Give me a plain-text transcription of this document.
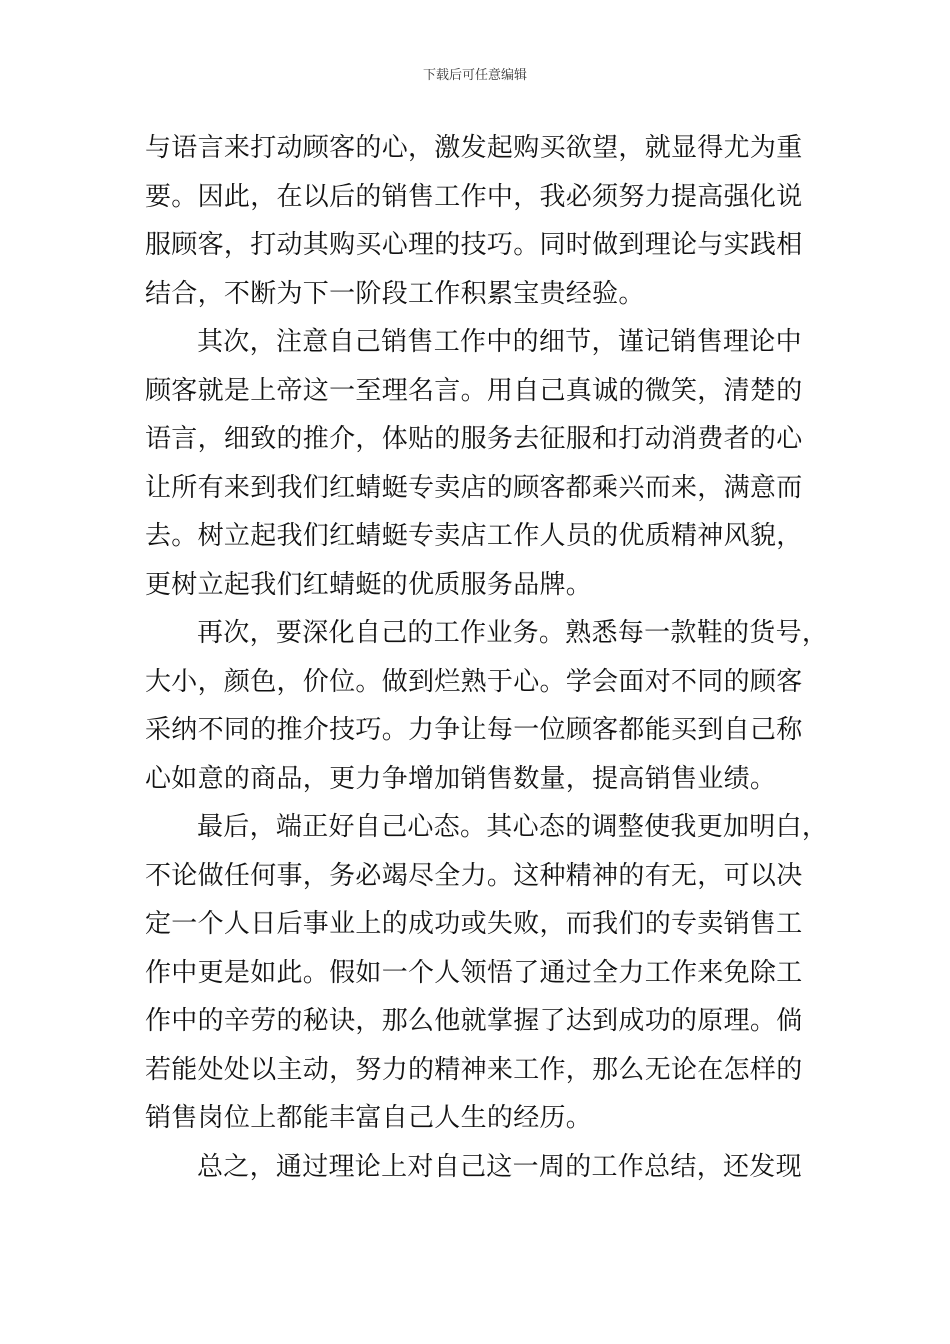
下载后可任意编辑
与语言来打动顾客的心，激发起购买欲望，就显得尤为重
要。因此，在以后的销售工作中，我必须努力提高强化说
服顾客，打动其购买心理的技巧。同时做到理论与实践相
结合，不断为下一阶段工作积累宝贵经验。
其次，注意自己销售工作中的细节，谨记销售理论中
顾客就是上帝这一至理名言。用自己真诚的微笑，清楚的
语言，细致的推介，体贴的服务去征服和打动消费者的心
让所有来到我们红蜻蜓专卖店的顾客都乘兴而来，满意而
去。树立起我们红蜻蜓专卖店工作人员的优质精神风貌，
更树立起我们红蜻蜓的优质服务品牌。
再次，要深化自己的工作业务。熟悉每一款鞋的货号，
大小，颜色，价位。做到烂熟于心。学会面对不同的顾客
采纳不同的推介技巧。力争让每一位顾客都能买到自己称
心如意的商品，更力争增加销售数量，提高销售业绩。
最后，端正好自己心态。其心态的调整使我更加明白，
不论做任何事，务必竭尽全力。这种精神的有无，可以决
定一个人日后事业上的成功或失败，而我们的专卖销售工
作中更是如此。假如一个人领悟了通过全力工作来免除工
作中的辛劳的秘诀，那么他就掌握了达到成功的原理。倘
若能处处以主动，努力的精神来工作，那么无论在怎样的
销售岗位上都能丰富自己人生的经历。
总之，通过理论上对自己这一周的工作总结，还发现
